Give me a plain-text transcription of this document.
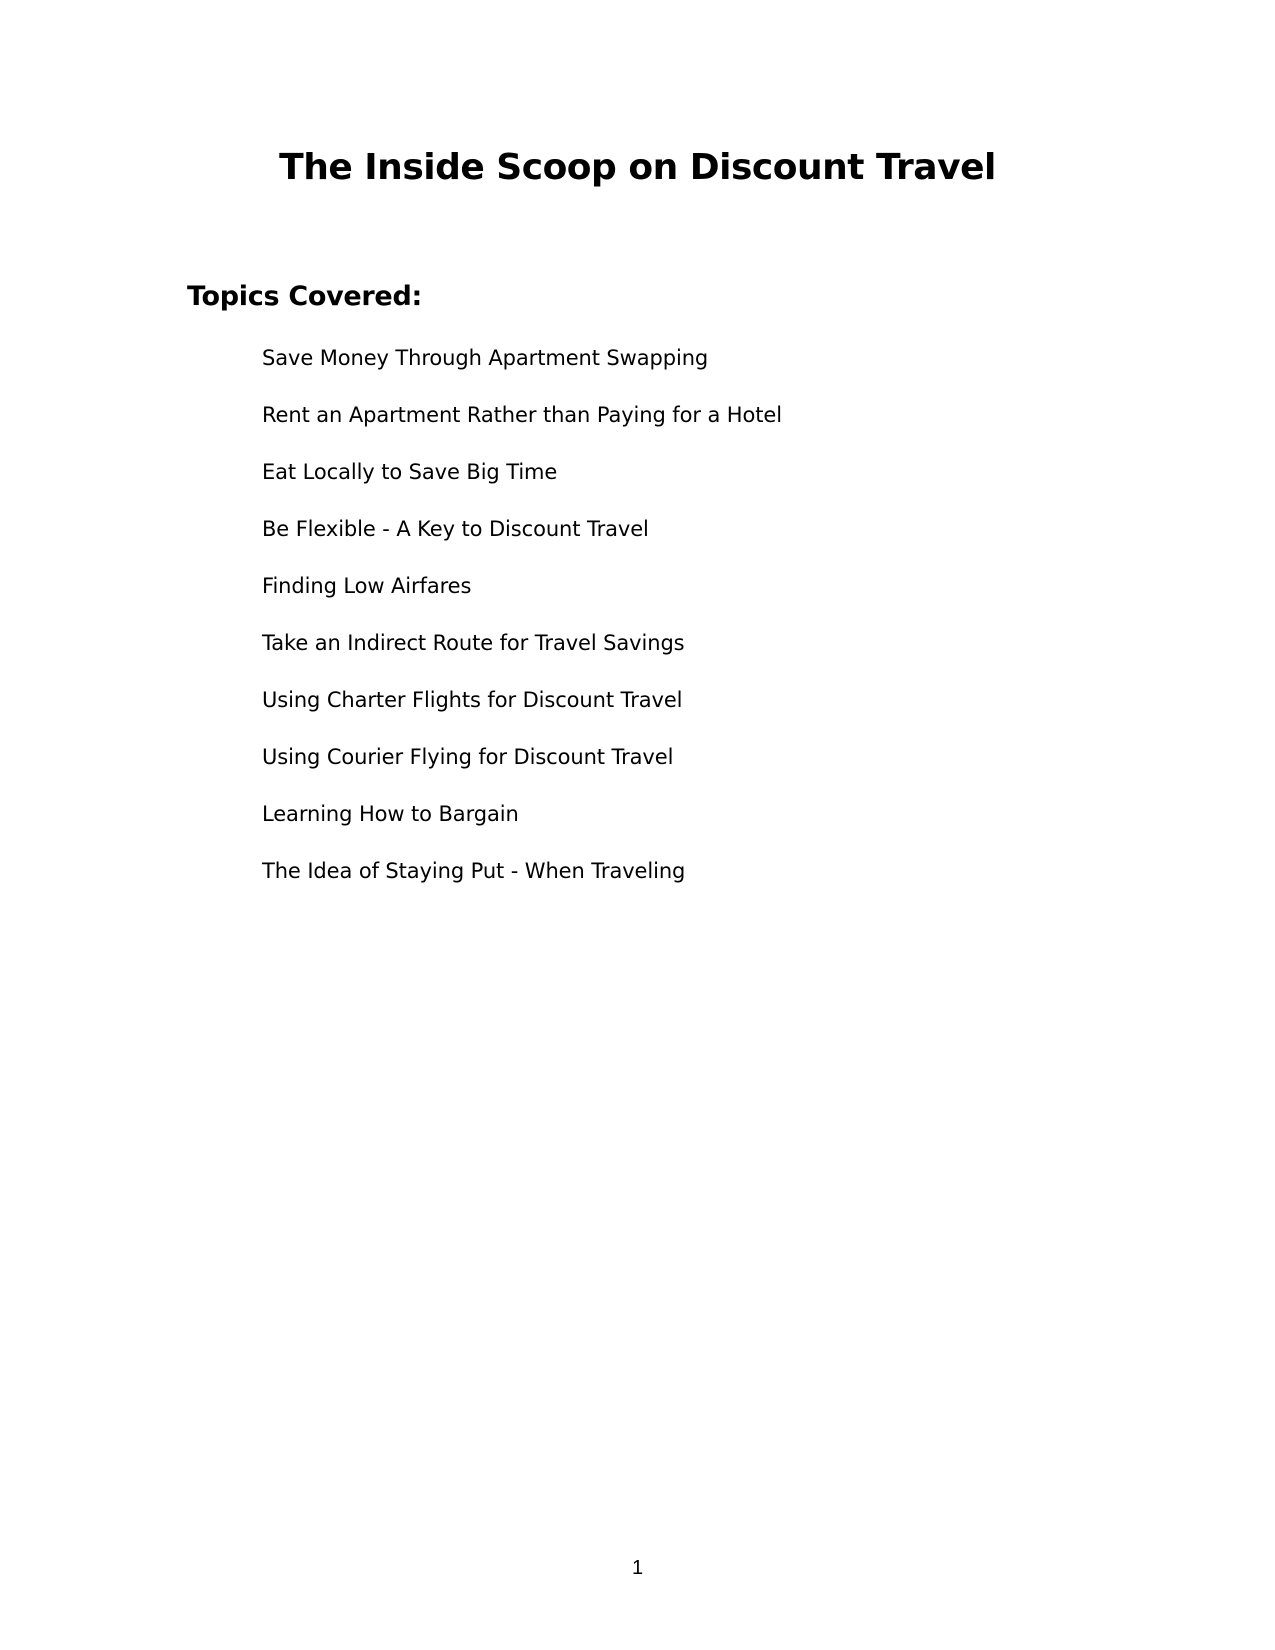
The Inside Scoop on Discount Travel
Topics Covered:
Save Money Through Apartment Swapping
Rent an Apartment Rather than Paying for a Hotel
Eat Locally to Save Big Time
Be Flexible - A Key to Discount Travel
Finding Low Airfares
Take an Indirect Route for Travel Savings
Using Charter Flights for Discount Travel
Using Courier Flying for Discount Travel
Learning How to Bargain
The Idea of Staying Put - When Traveling
1
